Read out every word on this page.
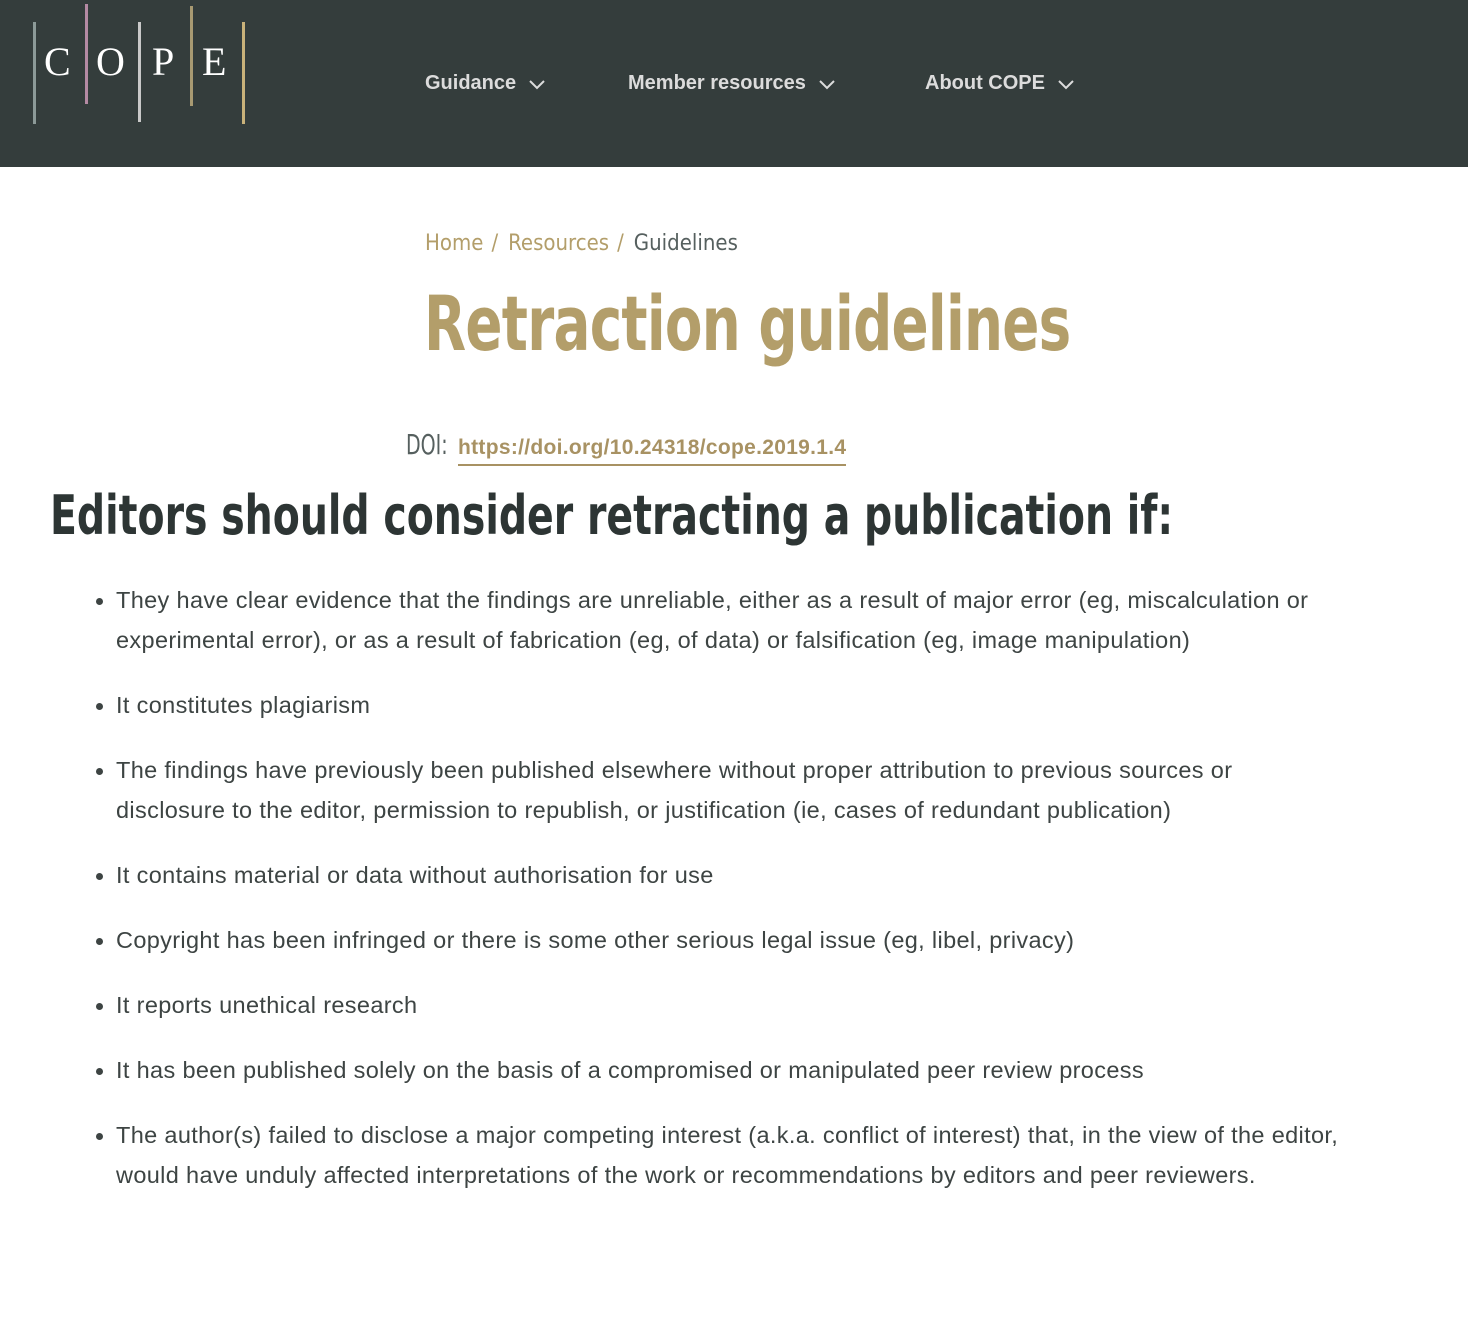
C O P E	Guidance	Member resources	About COPE
Home / Resources / Guidelines
Retraction guidelines
DOI: https://doi.org/10.24318/cope.2019.1.4
Editors should consider retracting a publication if:
They have clear evidence that the findings are unreliable, either as a result of major error (eg, miscalculation or experimental error), or as a result of fabrication (eg, of data) or falsification (eg, image manipulation)
It constitutes plagiarism
The findings have previously been published elsewhere without proper attribution to previous sources or disclosure to the editor, permission to republish, or justification (ie, cases of redundant publication)
It contains material or data without authorisation for use
Copyright has been infringed or there is some other serious legal issue (eg, libel, privacy)
It reports unethical research
It has been published solely on the basis of a compromised or manipulated peer review process
The author(s) failed to disclose a major competing interest (a.k.a. conflict of interest) that, in the view of the editor, would have unduly affected interpretations of the work or recommendations by editors and peer reviewers.
